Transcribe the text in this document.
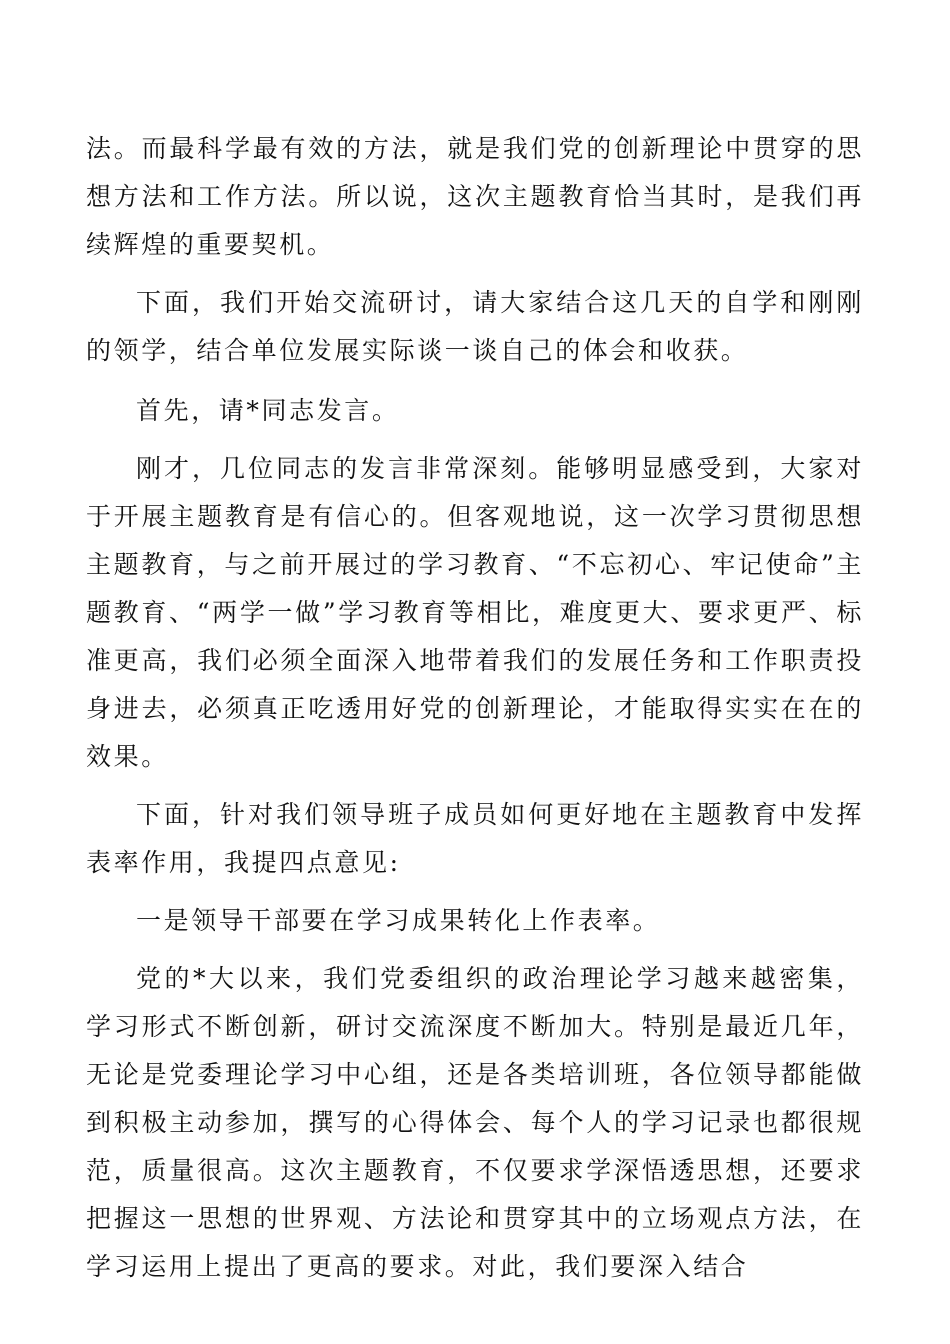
法。而最科学最有效的方法，就是我们党的创新理论中贯穿的思想方法和工作方法。所以说，这次主题教育恰当其时，是我们再续辉煌的重要契机。

下面，我们开始交流研讨，请大家结合这几天的自学和刚刚的领学，结合单位发展实际谈一谈自己的体会和收获。

首先，请*同志发言。

刚才，几位同志的发言非常深刻。能够明显感受到，大家对于开展主题教育是有信心的。但客观地说，这一次学习贯彻思想主题教育，与之前开展过的学习教育、“不忘初心、牢记使命”主题教育、“两学一做”学习教育等相比，难度更大、要求更严、标准更高，我们必须全面深入地带着我们的发展任务和工作职责投身进去，必须真正吃透用好党的创新理论，才能取得实实在在的效果。

下面，针对我们领导班子成员如何更好地在主题教育中发挥表率作用，我提四点意见:

一是领导干部要在学习成果转化上作表率。

党的*大以来，我们党委组织的政治理论学习越来越密集，学习形式不断创新，研讨交流深度不断加大。特别是最近几年，无论是党委理论学习中心组，还是各类培训班，各位领导都能做到积极主动参加，撰写的心得体会、每个人的学习记录也都很规范，质量很高。这次主题教育，不仅要求学深悟透思想，还要求把握这一思想的世界观、方法论和贯穿其中的立场观点方法，在学习运用上提出了更高的要求。对此，我们要深入结合
